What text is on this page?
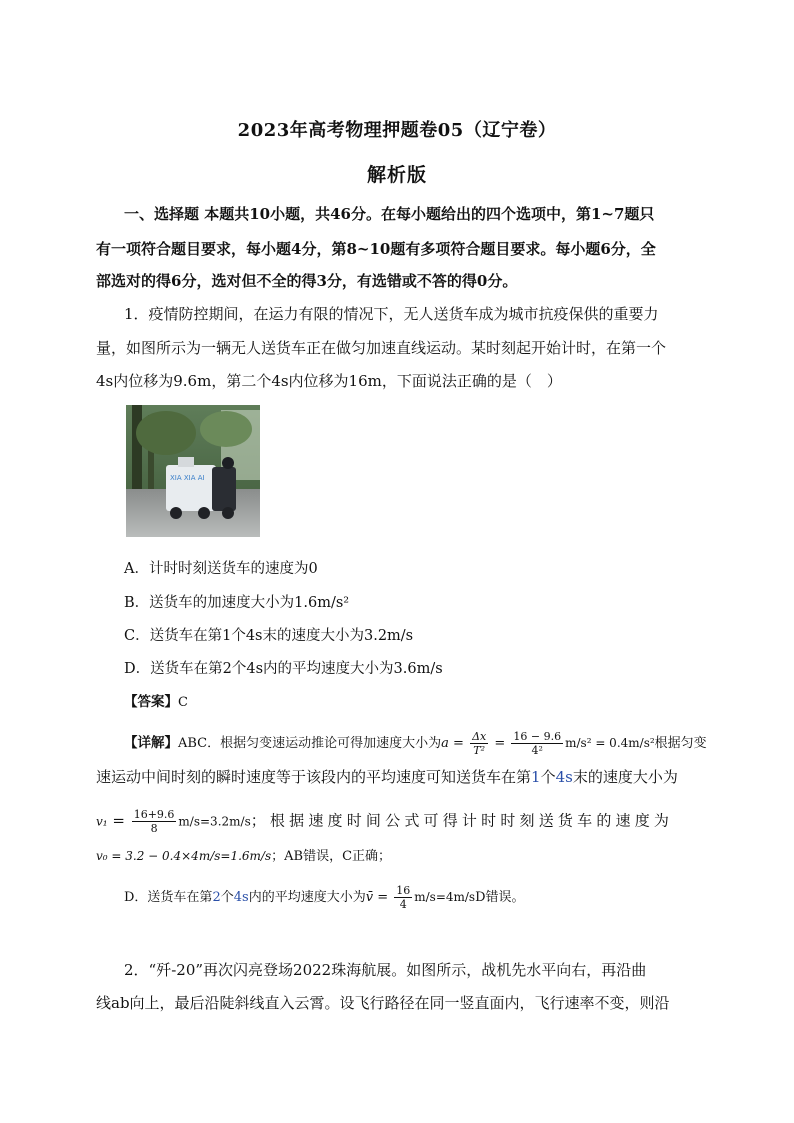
2023年高考物理押题卷05（辽宁卷）
解析版
一、选择题 本题共10小题，共46分。在每小题给出的四个选项中，第1~7题只
有一项符合题目要求，每小题4分，第8~10题有多项符合题目要求。每小题6分，全
部选对的得6分，选对但不全的得3分，有选错或不答的得0分。
1．疫情防控期间，在运力有限的情况下，无人送货车成为城市抗疫保供的重要力
量，如图所示为一辆无人送货车正在做匀加速直线运动。某时刻起开始计时，在第一个
4s内位移为9.6m，第二个4s内位移为16m，下面说法正确的是（　）
XIA XIA AI
A．计时时刻送货车的速度为0
B．送货车的加速度大小为1.6m/s²
C．送货车在第1个4s末的速度大小为3.2m/s
D．送货车在第2个4s内的平均速度大小为3.6m/s
【答案】C
【详解】ABC．根据匀变速运动推论可得加速度大小为$a = \frac{\Delta x}{\text{T²}} = \frac{16 - 9.6}{\text{4²}} m/s^2 = 0.4m/s^2$根据匀变
速运动中间时刻的瞬时速度等于该段内的平均速度可知送货车在第1个4s末的速度大小为
$v_1 = \frac{16+9.6}{8} m/s=3.2m/s$；根据速度时间公式可得计时时刻送货车的速度为
v₀ = 3.2 − 0.4×4m/s=1.6m/s；AB错误，C正确；
D．送货车在第2个4s内的平均速度大小为v̄ = $\frac{16}{4} m/s=4m/sD$错误。
2．“歼-20”再次闪亮登场2022珠海航展。如图所示，战机先水平向右，再沿曲
线ab向上，最后沿陡斜线直入云霄。设飞行路径在同一竖直面内，飞行速率不变，则沿
